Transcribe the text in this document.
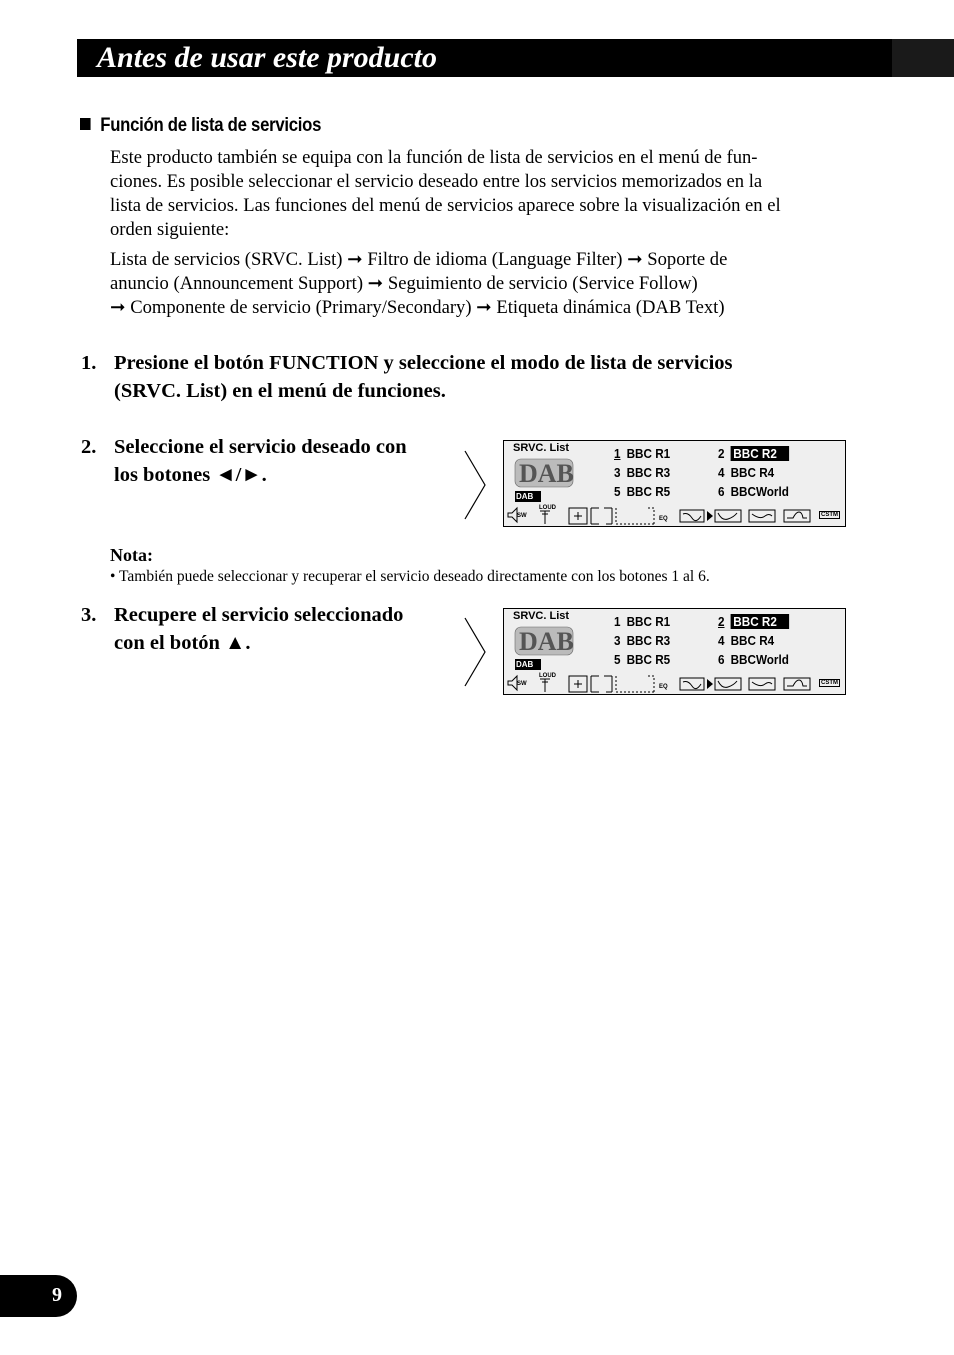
Antes de usar este producto
Función de lista de servicios
Este producto también se equipa con la función de lista de servicios en el menú de fun-
ciones. Es posible seleccionar el servicio deseado entre los servicios memorizados en la
lista de servicios. Las funciones del menú de servicios aparece sobre la visualización en el
orden siguiente:
Lista de servicios (SRVC. List) ➞ Filtro de idioma (Language Filter) ➞ Soporte de
anuncio (Announcement Support) ➞ Seguimiento de servicio (Service Follow)
➞ Componente de servicio (Primary/Secondary) ➞ Etiqueta dinámica (DAB Text)
1. Presione el botón FUNCTION y seleccione el modo de lista de servicios
(SRVC. List) en el menú de funciones.
2. Seleccione el servicio deseado con
los botones ◄/►.
SRVC. List
DAB
DAB
1 BBC R1	2 BBC R2
3 BBC R3	4 BBC R4
5 BBC R5	6 BBCWorld
SW
LOUD
EQ
CSTM
Nota:
• También puede seleccionar y recuperar el servicio deseado directamente con los botones 1 al 6.
3. Recupere el servicio seleccionado
con el botón ▲.
SRVC. List
DAB
DAB
1 BBC R1	2 BBC R2
3 BBC R3	4 BBC R4
5 BBC R5	6 BBCWorld
SW
LOUD
EQ
CSTM
9
